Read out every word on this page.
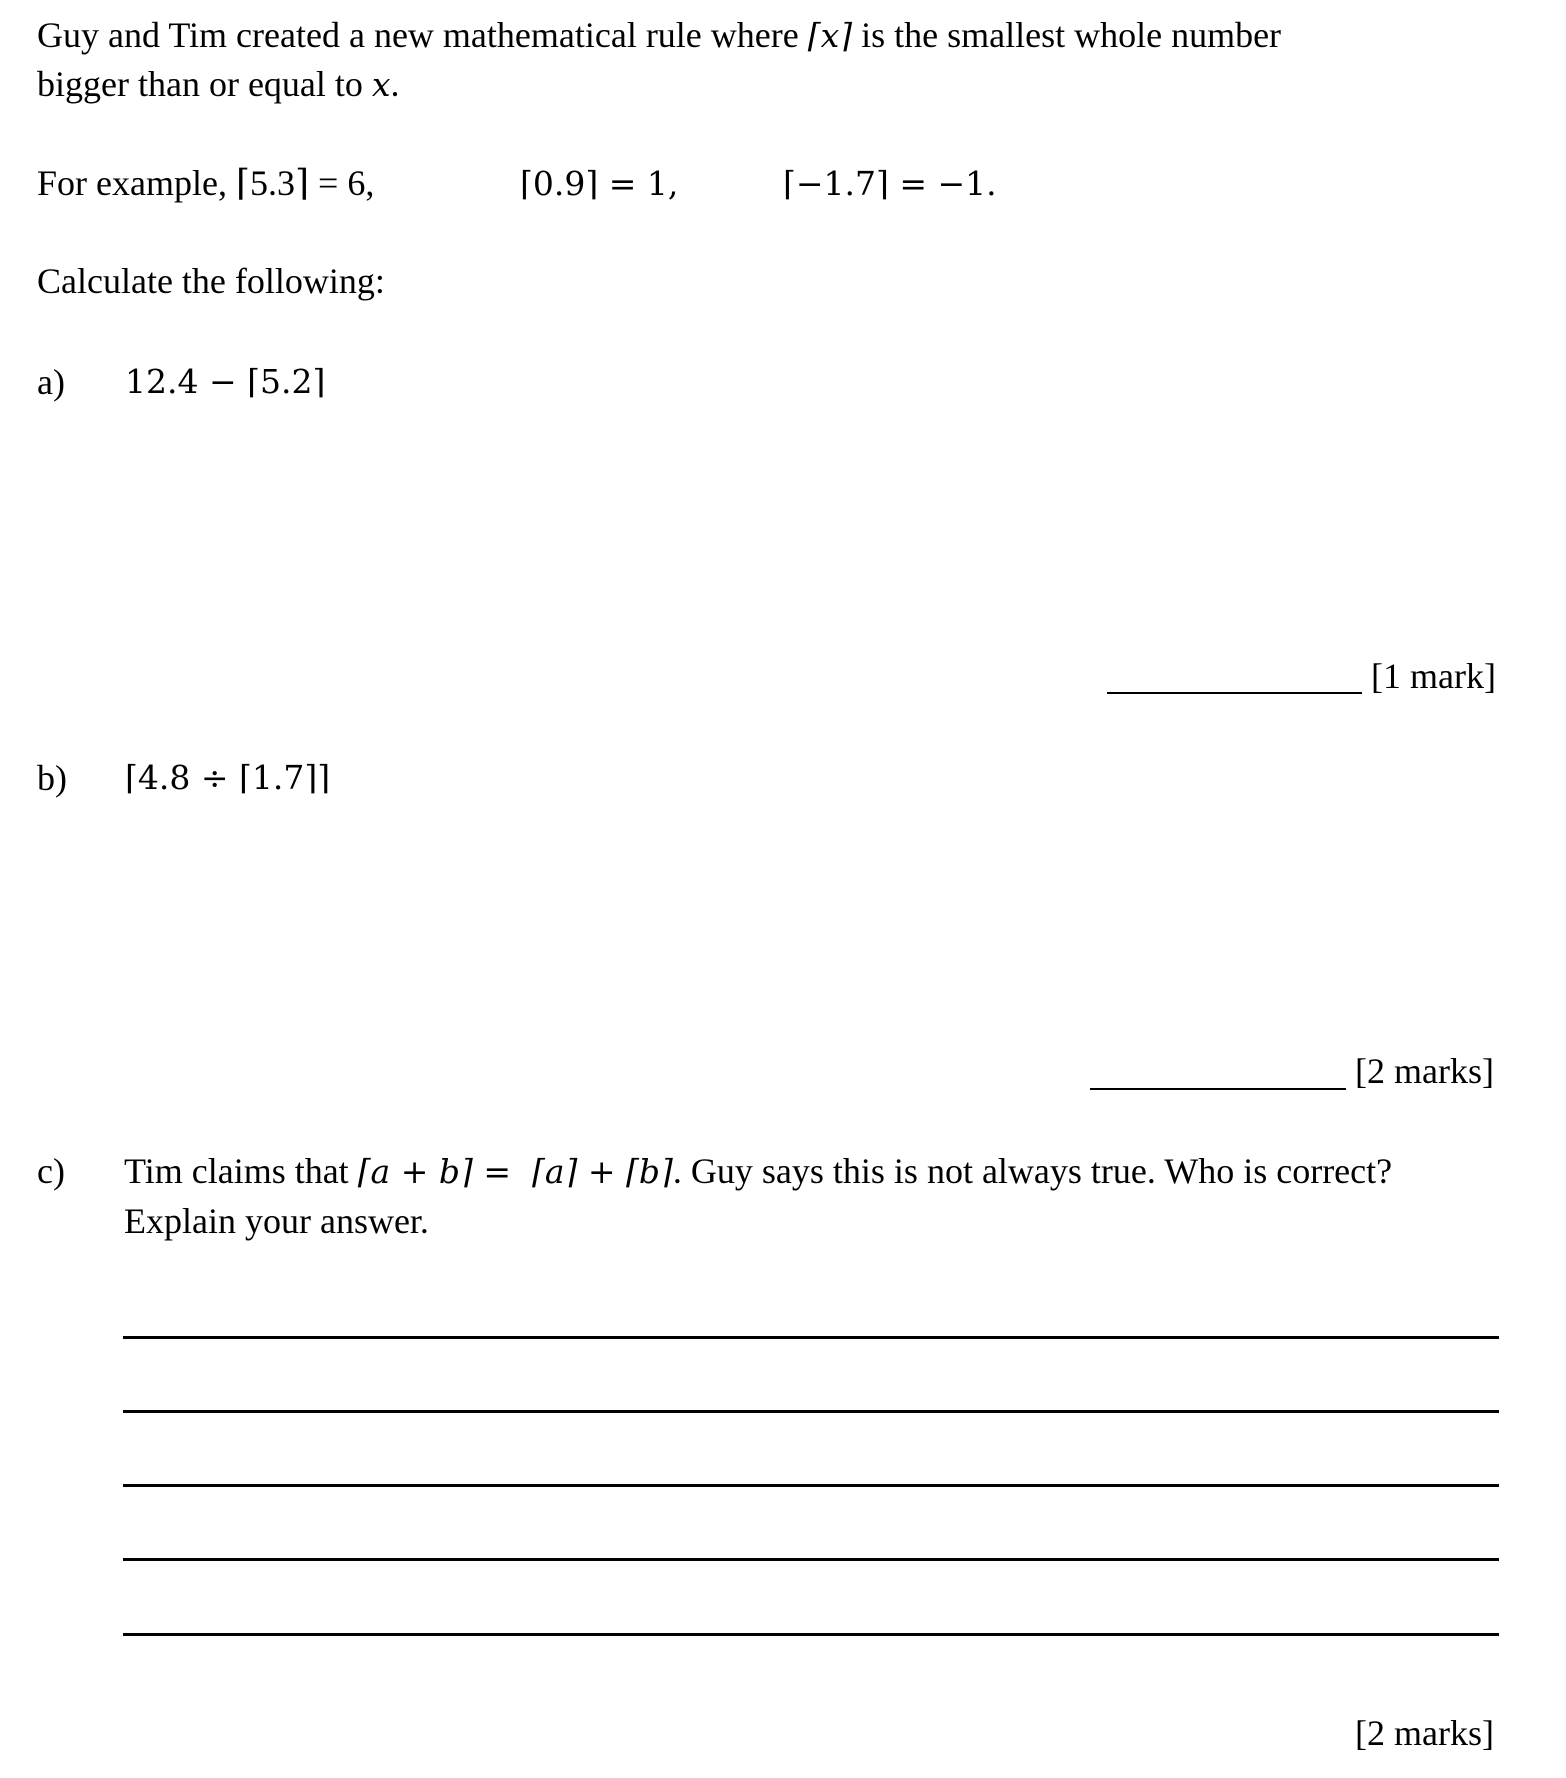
Guy and Tim created a new mathematical rule where ⌈x⌉ is the smallest whole number
bigger than or equal to x.
For example, ⌈5.3⌉ = 6,	⌈0.9⌉ = 1,	⌈−1.7⌉ = −1.
Calculate the following:
a) 12.4 − ⌈5.2⌉
[1 mark]
b) ⌈4.8 ÷ ⌈1.7⌉⌉
[2 marks]
c) Tim claims that ⌈a + b⌉ =  ⌈a⌉ + ⌈b⌉. Guy says this is not always true. Who is correct?
Explain your answer.
[2 marks]
